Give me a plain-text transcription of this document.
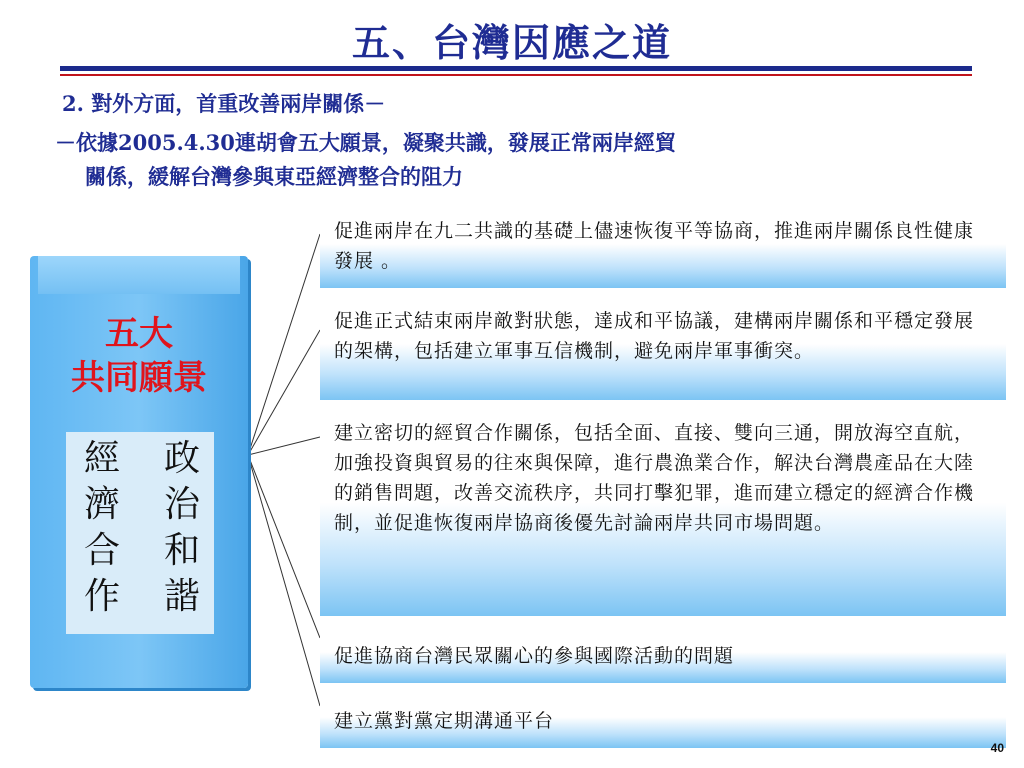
五、台灣因應之道
2. 對外方面，首重改善兩岸關係－
－依據2005.4.30連胡會五大願景，凝聚共識，發展正常兩岸經貿
關係，緩解台灣參與東亞經濟整合的阻力
五大
共同願景
經
濟
合
作
政
治
和
諧
促進兩岸在九二共識的基礎上儘速恢復平等協商，推進兩岸關係良性健康發展 。
促進正式結束兩岸敵對狀態，達成和平協議，建構兩岸關係和平穩定發展的架構，包括建立軍事互信機制，避免兩岸軍事衝突。
建立密切的經貿合作關係，包括全面、直接、雙向三通，開放海空直航，加強投資與貿易的往來與保障，進行農漁業合作，解決台灣農產品在大陸的銷售問題，改善交流秩序，共同打擊犯罪，進而建立穩定的經濟合作機制，並促進恢復兩岸協商後優先討論兩岸共同市場問題。
促進協商台灣民眾關心的參與國際活動的問題
建立黨對黨定期溝通平台
40
